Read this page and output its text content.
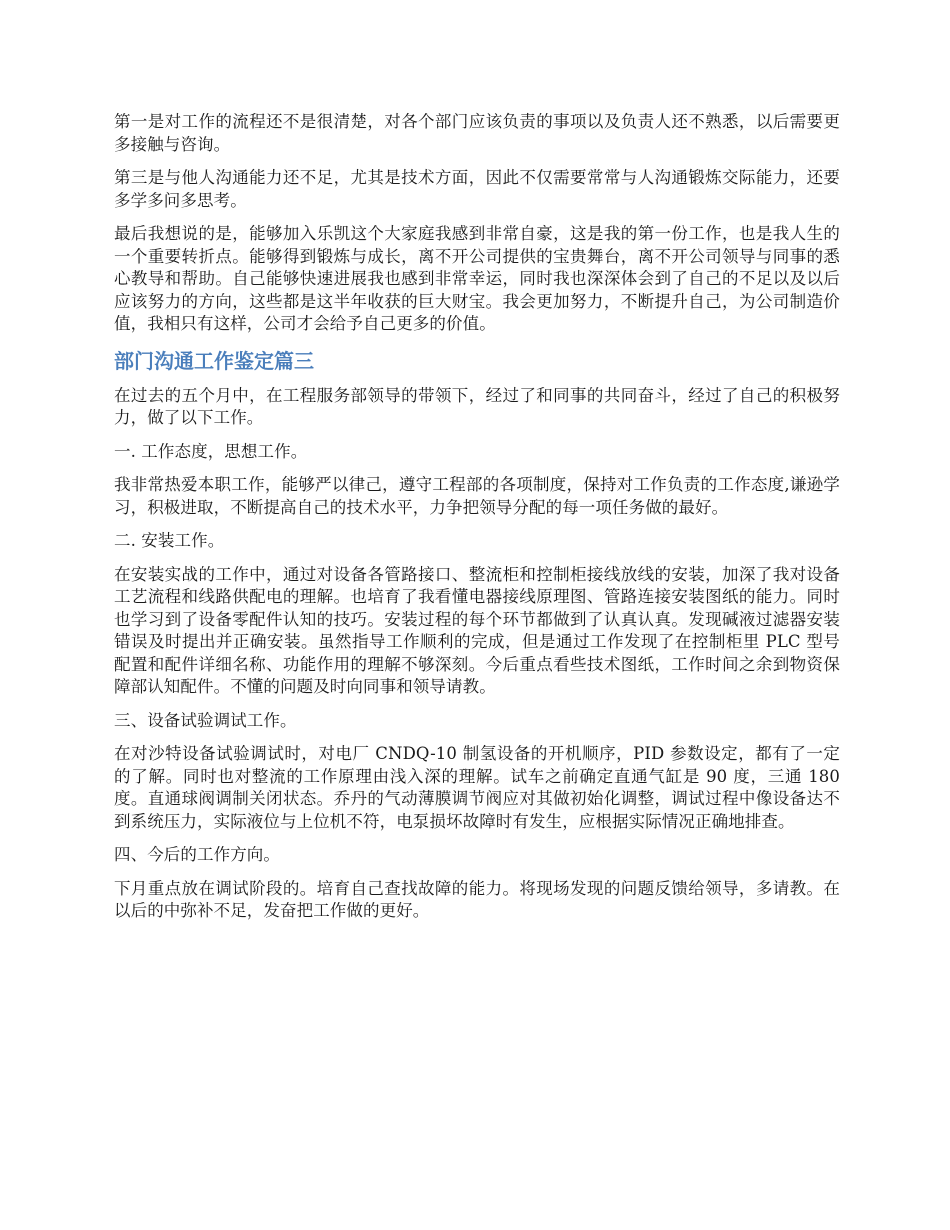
第一是对工作的流程还不是很清楚，对各个部门应该负责的事项以及负责人还不熟悉，以后需要更多接触与咨询。

第三是与他人沟通能力还不足，尤其是技术方面，因此不仅需要常常与人沟通锻炼交际能力，还要多学多问多思考。

最后我想说的是，能够加入乐凯这个大家庭我感到非常自豪，这是我的第一份工作，也是我人生的一个重要转折点。能够得到锻炼与成长，离不开公司提供的宝贵舞台，离不开公司领导与同事的悉心教导和帮助。自己能够快速进展我也感到非常幸运，同时我也深深体会到了自己的不足以及以后应该努力的方向，这些都是这半年收获的巨大财宝。我会更加努力，不断提升自己，为公司制造价值，我相只有这样，公司才会给予自己更多的价值。

部门沟通工作鉴定篇三

在过去的五个月中，在工程服务部领导的带领下，经过了和同事的共同奋斗，经过了自己的积极努力，做了以下工作。

一. 工作态度，思想工作。

我非常热爱本职工作，能够严以律己，遵守工程部的各项制度，保持对工作负责的工作态度,谦逊学习，积极进取，不断提高自己的技术水平，力争把领导分配的每一项任务做的最好。

二. 安装工作。

在安装实战的工作中，通过对设备各管路接口、整流柜和控制柜接线放线的安装，加深了我对设备工艺流程和线路供配电的理解。也培育了我看懂电器接线原理图、管路连接安装图纸的能力。同时也学习到了设备零配件认知的技巧。安装过程的每个环节都做到了认真认真。发现碱液过滤器安装错误及时提出并正确安装。虽然指导工作顺利的完成，但是通过工作发现了在控制柜里 PLC 型号配置和配件详细名称、功能作用的理解不够深刻。今后重点看些技术图纸，工作时间之余到物资保障部认知配件。不懂的问题及时向同事和领导请教。

三、设备试验调试工作。

在对沙特设备试验调试时，对电厂 CNDQ-10 制氢设备的开机顺序，PID 参数设定，都有了一定的了解。同时也对整流的工作原理由浅入深的理解。试车之前确定直通气缸是 90 度，三通 180 度。直通球阀调制关闭状态。乔丹的气动薄膜调节阀应对其做初始化调整，调试过程中像设备达不到系统压力，实际液位与上位机不符，电泵损坏故障时有发生，应根据实际情况正确地排查。

四、今后的工作方向。

下月重点放在调试阶段的。培育自己查找故障的能力。将现场发现的问题反馈给领导，多请教。在以后的中弥补不足，发奋把工作做的更好。
